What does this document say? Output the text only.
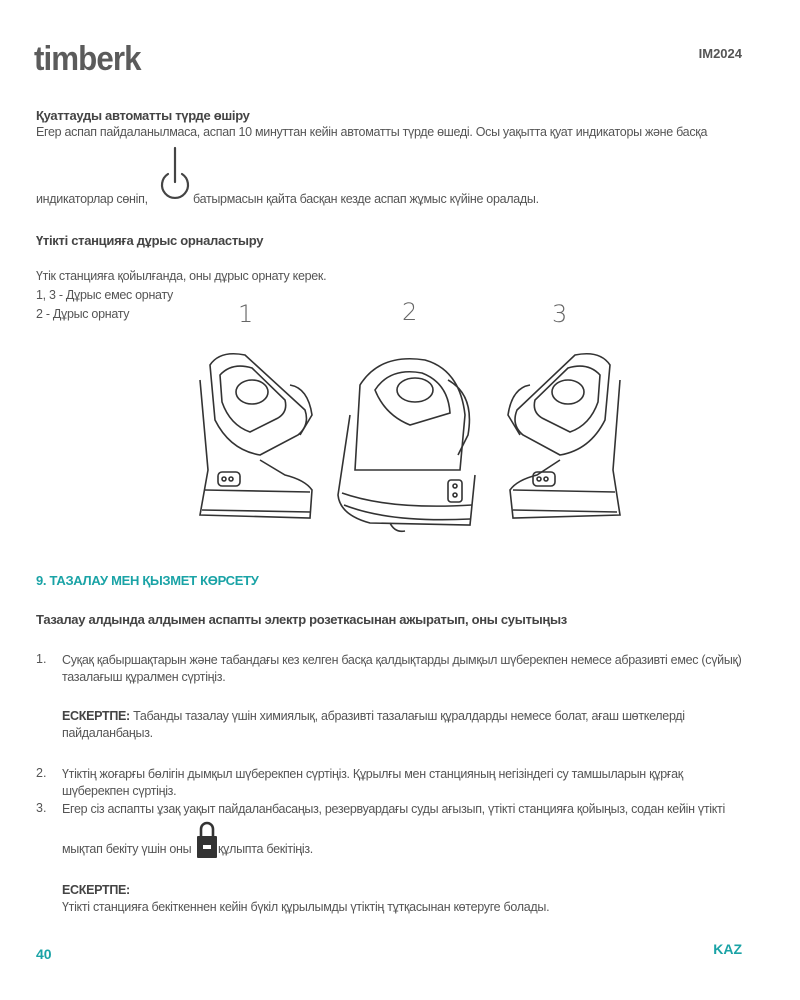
timberk	IM2024
Қуаттауды автоматты түрде өшіру
Егер аспап пайдаланылмаса, аспап 10 минуттан кейін автоматты түрде өшеді. Осы уақытта қуат индикаторы және басқа
индикаторлар сөніп,	батырмасын қайта басқан кезде аспап жұмыс күйіне оралады.
Үтікті станцияға дұрыс орналастыру
Үтік станцияға қойылғанда, оны дұрыс орнату керек.
1, 3 - Дұрыс емес орнату
2 - Дұрыс орнату	1	2	3
9. ТАЗАЛАУ МЕН ҚЫЗМЕТ КӨРСЕТУ
Тазалау алдында алдымен аспапты электр розеткасынан ажыратып, оны суытыңыз
1. Суқақ қабыршақтарын және табандағы кез келген басқа қалдықтарды дымқыл шүберекпен немесе абразивті емес (сүйық) тазалағыш құралмен сүртіңіз.
ЕСКЕРТПЕ: Табанды тазалау үшін химиялық, абразивті тазалағыш құралдарды немесе болат, ағаш шөткелерді пайдаланбаңыз.
2. Үтіктің жоғарғы бөлігін дымқыл шүберекпен сүртіңіз. Құрылғы мен станцияның негізіндегі су тамшыларын құрғақ шүберекпен сүртіңіз.
3. Егер сіз аспапты ұзақ уақыт пайдаланбасаңыз, резервуардағы суды ағызып, үтікті станцияға қойыңыз, содан кейін үтікті
мықтап бекіту үшін оны құлыпта бекітіңіз.
ЕСКЕРТПЕ:
Үтікті станцияға бекіткеннен кейін бүкіл құрылымды үтіктің тұтқасынан көтеруге болады.
40	KAZ
